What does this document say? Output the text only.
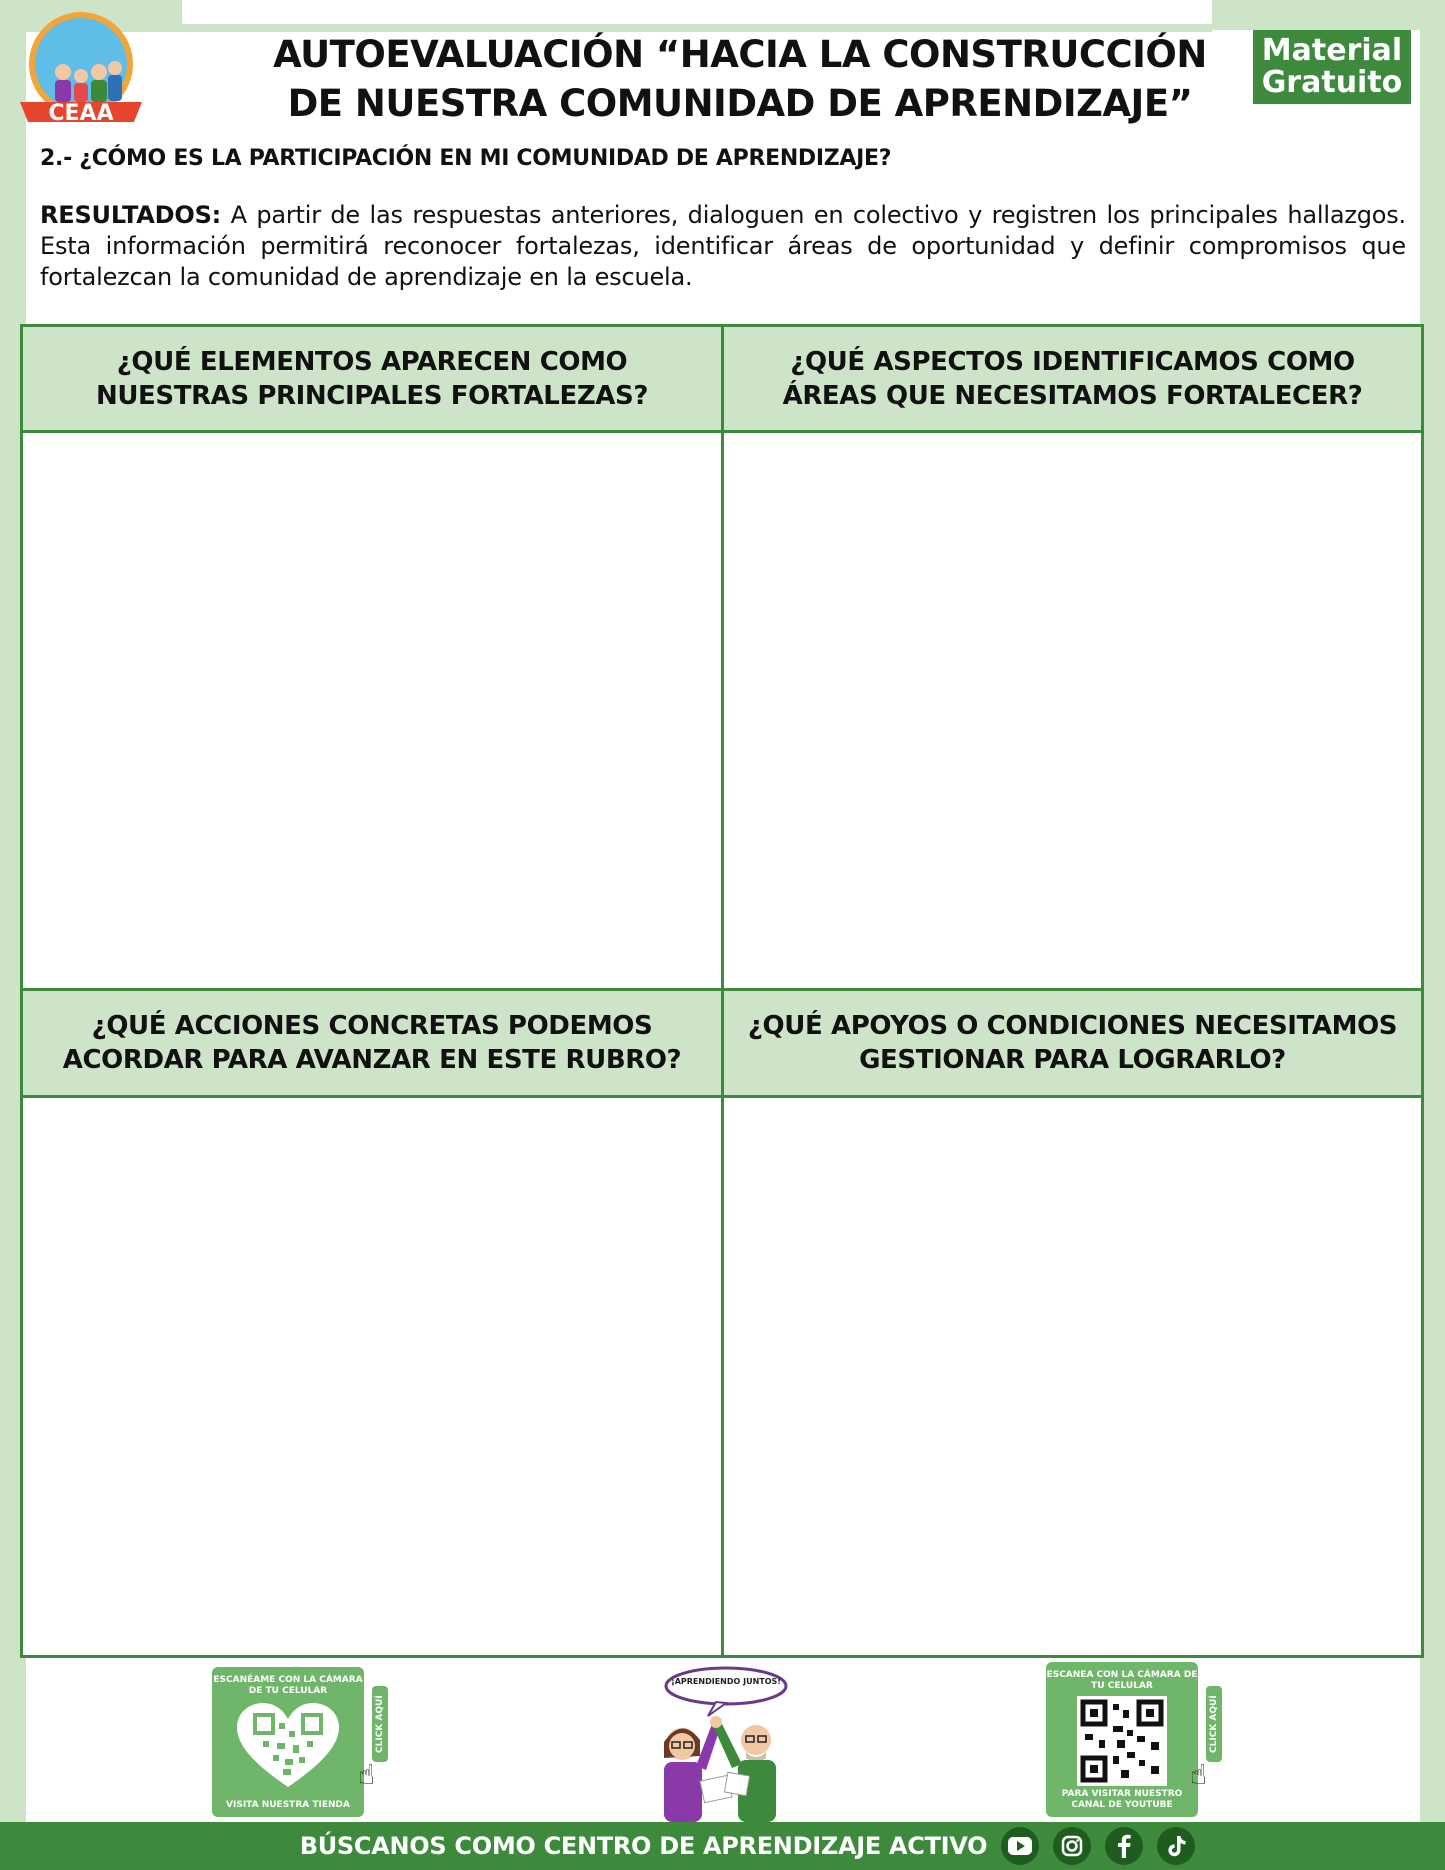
CEAA
AUTOEVALUACIÓN “HACIA LA CONSTRUCCIÓN
DE NUESTRA COMUNIDAD DE APRENDIZAJE”
Material
Gratuito
2.- ¿CÓMO ES LA PARTICIPACIÓN EN MI COMUNIDAD DE APRENDIZAJE?
RESULTADOS: A partir de las respuestas anteriores, dialoguen en colectivo y registren los principales hallazgos. Esta información permitirá reconocer fortalezas, identificar áreas de oportunidad y definir compromisos que fortalezcan la comunidad de aprendizaje en la escuela.
¿QUÉ ELEMENTOS APARECEN COMO
NUESTRAS PRINCIPALES FORTALEZAS?
¿QUÉ ASPECTOS IDENTIFICAMOS COMO
ÁREAS QUE NECESITAMOS FORTALECER?
¿QUÉ ACCIONES CONCRETAS PODEMOS
ACORDAR PARA AVANZAR EN ESTE RUBRO?
¿QUÉ APOYOS O CONDICIONES NECESITAMOS
GESTIONAR PARA LOGRARLO?
ESCANÉAME CON LA CÁMARA DE TU CELULAR
VISITA NUESTRA TIENDA
CLICK AQUÍ
☝
¡APRENDIENDO JUNTOS!
ESCANEA CON LA CÁMARA DE TU CELULAR
PARA VISITAR NUESTRO CANAL DE YOUTUBE
CLICK AQUÍ
☝
BÚSCANOS COMO CENTRO DE APRENDIZAJE ACTIVO
